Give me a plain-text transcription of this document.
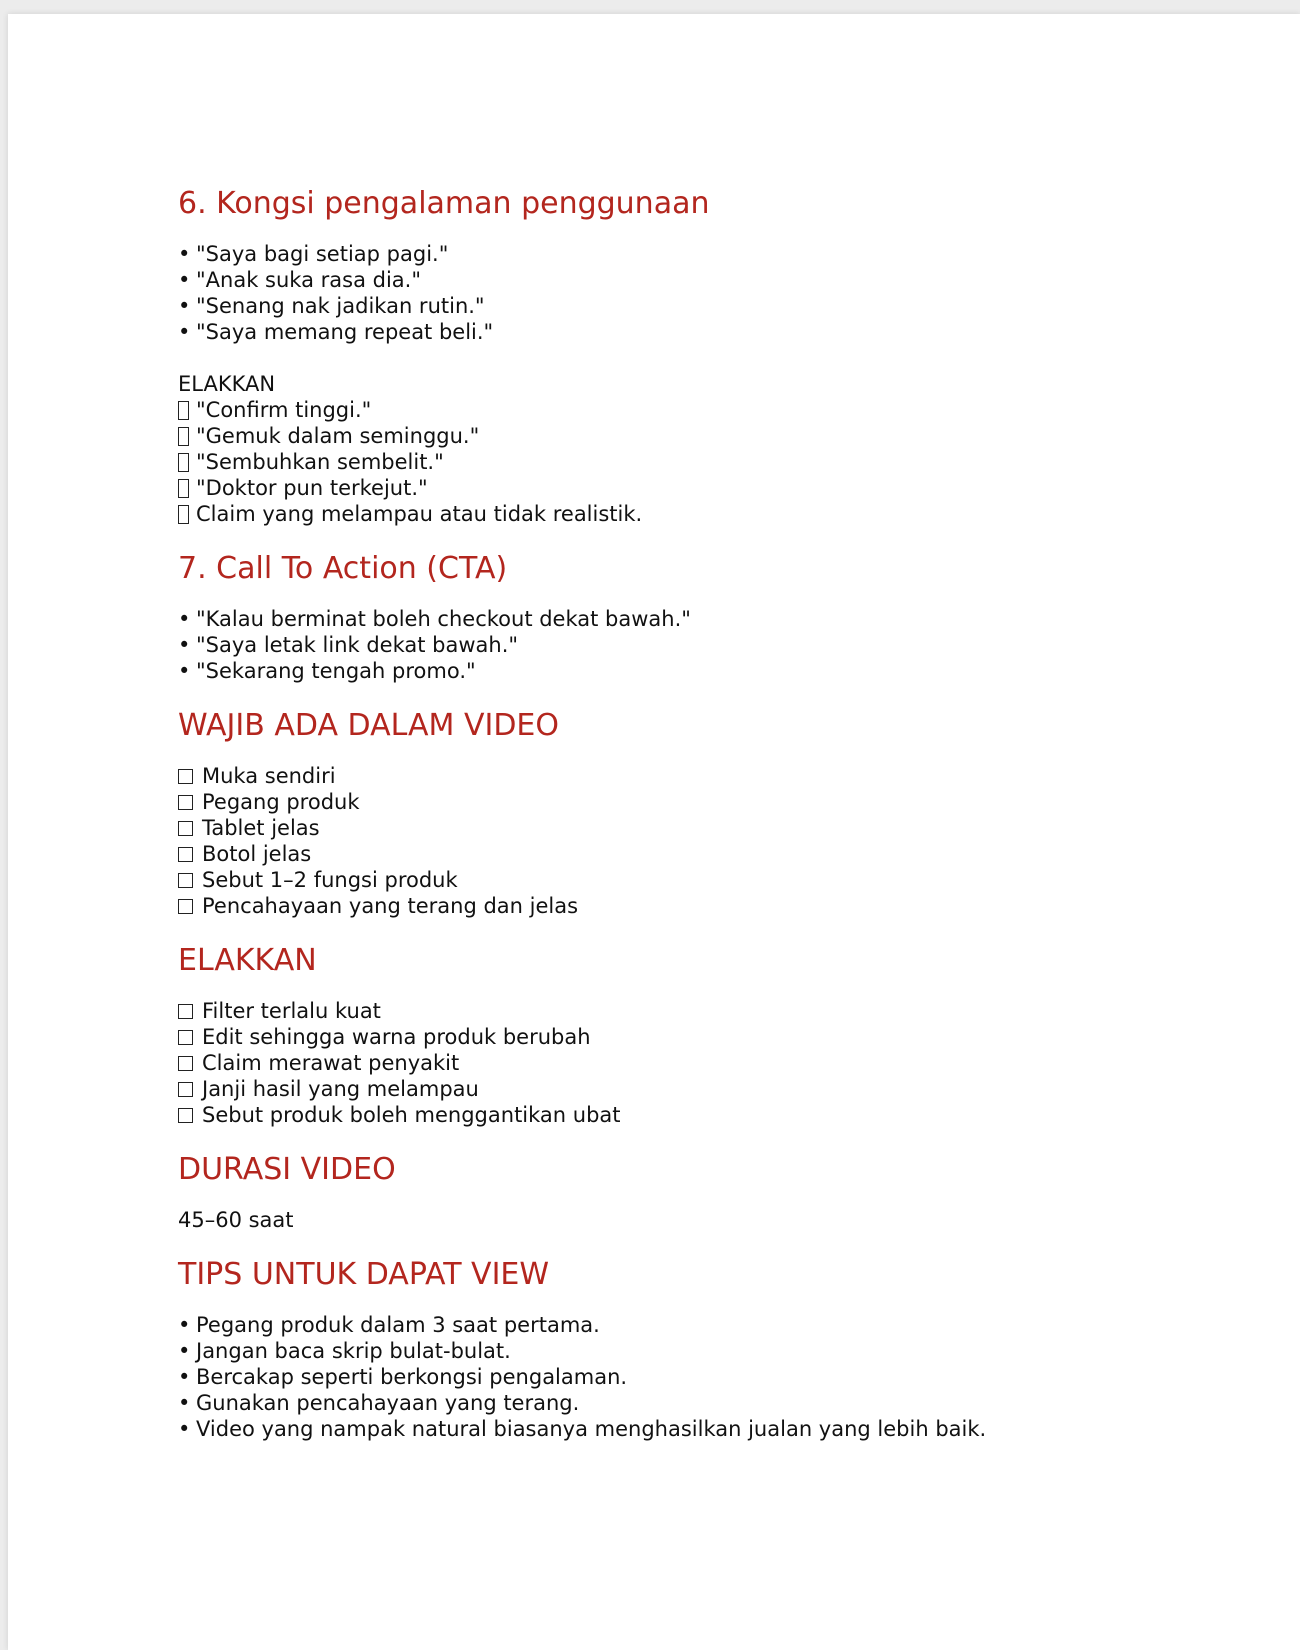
6. Kongsi pengalaman penggunaan
• "Saya bagi setiap pagi."
• "Anak suka rasa dia."
• "Senang nak jadikan rutin."
• "Saya memang repeat beli."
ELAKKAN
"Confirm tinggi."
"Gemuk dalam seminggu."
"Sembuhkan sembelit."
"Doktor pun terkejut."
Claim yang melampau atau tidak realistik.
7. Call To Action (CTA)
• "Kalau berminat boleh checkout dekat bawah."
• "Saya letak link dekat bawah."
• "Sekarang tengah promo."
WAJIB ADA DALAM VIDEO
Muka sendiri
Pegang produk
Tablet jelas
Botol jelas
Sebut 1–2 fungsi produk
Pencahayaan yang terang dan jelas
ELAKKAN
Filter terlalu kuat
Edit sehingga warna produk berubah
Claim merawat penyakit
Janji hasil yang melampau
Sebut produk boleh menggantikan ubat
DURASI VIDEO
45–60 saat
TIPS UNTUK DAPAT VIEW
• Pegang produk dalam 3 saat pertama.
• Jangan baca skrip bulat-bulat.
• Bercakap seperti berkongsi pengalaman.
• Gunakan pencahayaan yang terang.
• Video yang nampak natural biasanya menghasilkan jualan yang lebih baik.
